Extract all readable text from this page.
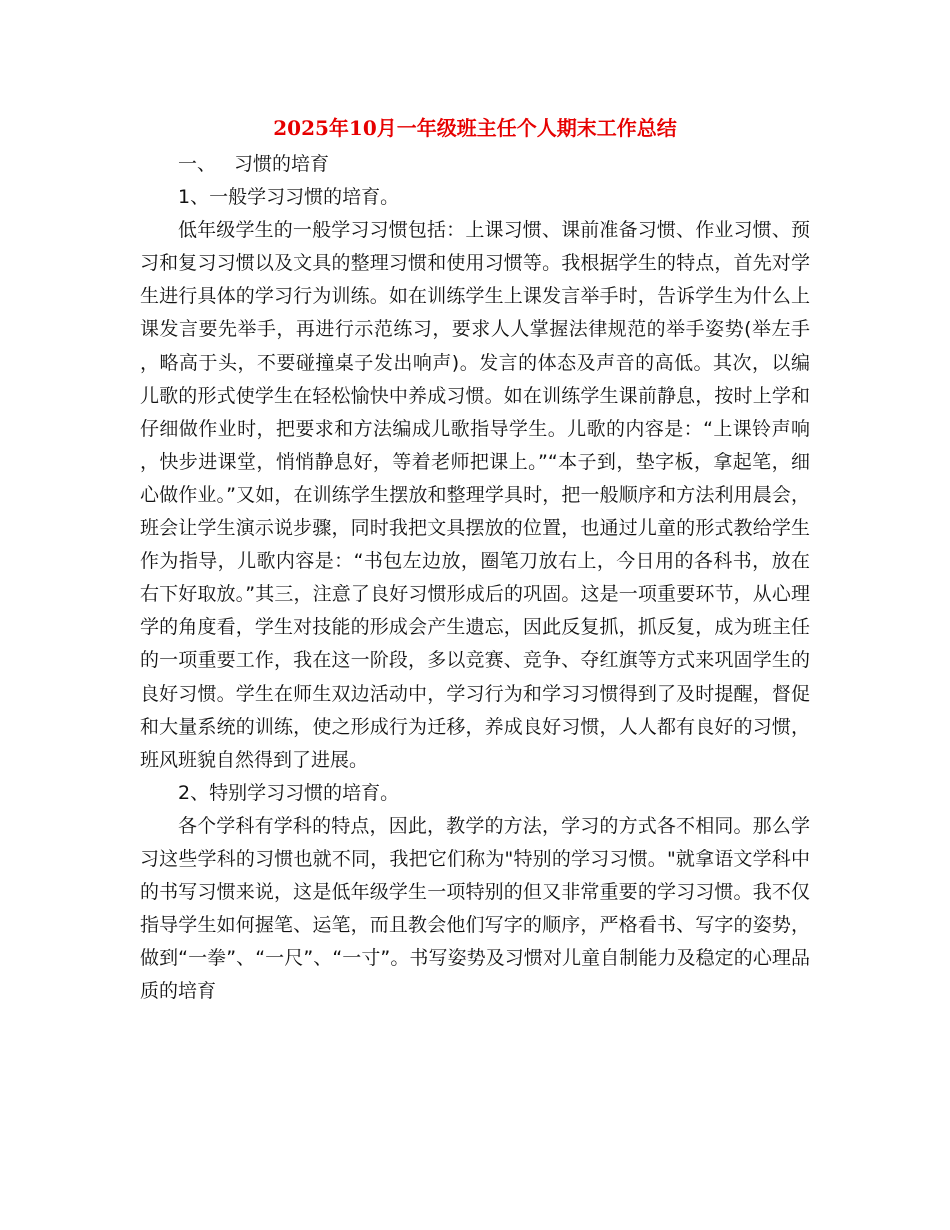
2025年10月一年级班主任个人期末工作总结

一、 习惯的培育

1、一般学习习惯的培育。

低年级学生的一般学习习惯包括：上课习惯、课前准备习惯、作业习惯、预习和复习习惯以及文具的整理习惯和使用习惯等。我根据学生的特点，首先对学生进行具体的学习行为训练。如在训练学生上课发言举手时，告诉学生为什么上课发言要先举手，再进行示范练习，要求人人掌握法律规范的举手姿势(举左手，略高于头，不要碰撞桌子发出响声)。发言的体态及声音的高低。其次，以编儿歌的形式使学生在轻松愉快中养成习惯。如在训练学生课前静息，按时上学和仔细做作业时，把要求和方法编成儿歌指导学生。儿歌的内容是：“上课铃声响，快步进课堂，悄悄静息好，等着老师把课上。”“本子到，垫字板，拿起笔，细心做作业。”又如，在训练学生摆放和整理学具时，把一般顺序和方法利用晨会，班会让学生演示说步骤，同时我把文具摆放的位置，也通过儿童的形式教给学生作为指导，儿歌内容是：“书包左边放，圈笔刀放右上，今日用的各科书，放在右下好取放。”其三，注意了良好习惯形成后的巩固。这是一项重要环节，从心理学的角度看，学生对技能的形成会产生遗忘，因此反复抓，抓反复，成为班主任的一项重要工作，我在这一阶段，多以竞赛、竞争、夺红旗等方式来巩固学生的良好习惯。学生在师生双边活动中，学习行为和学习习惯得到了及时提醒，督促和大量系统的训练，使之形成行为迁移，养成良好习惯，人人都有良好的习惯，班风班貌自然得到了进展。

2、特别学习习惯的培育。

各个学科有学科的特点，因此，教学的方法，学习的方式各不相同。那么学习这些学科的习惯也就不同，我把它们称为"特别的学习习惯。"就拿语文学科中的书写习惯来说，这是低年级学生一项特别的但又非常重要的学习习惯。我不仅指导学生如何握笔、运笔，而且教会他们写字的顺序，严格看书、写字的姿势，做到“一拳”、“一尺”、“一寸”。书写姿势及习惯对儿童自制能力及稳定的心理品质的培育
